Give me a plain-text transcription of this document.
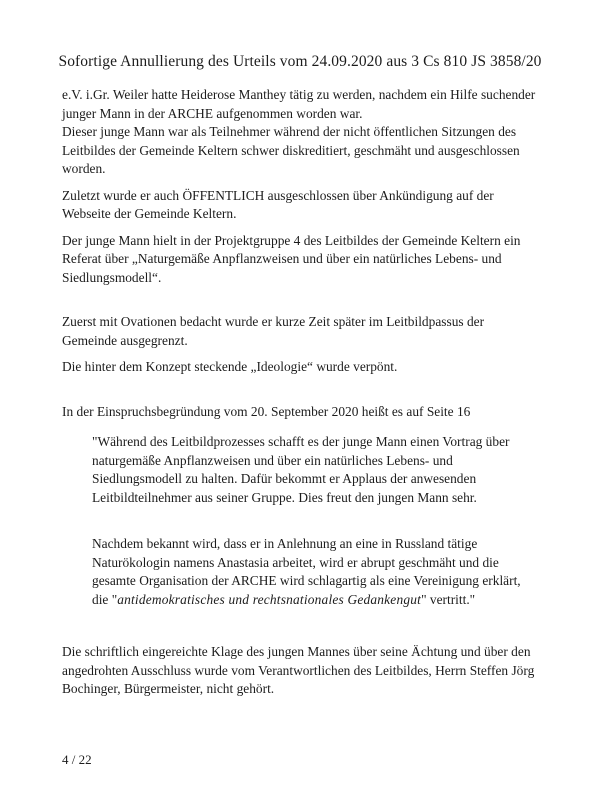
Sofortige Annullierung des Urteils vom 24.09.2020 aus 3 Cs 810 JS 3858/20

e.V. i.Gr. Weiler hatte Heiderose Manthey tätig zu werden, nachdem ein Hilfe suchender junger Mann in der ARCHE aufgenommen worden war.

Dieser junge Mann war als Teilnehmer während der nicht öffentlichen Sitzungen des Leitbildes der Gemeinde Keltern schwer diskreditiert, geschmäht und ausgeschlossen worden.

Zuletzt wurde er auch ÖFFENTLICH ausgeschlossen über Ankündigung auf der Webseite der Gemeinde Keltern.

Der junge Mann hielt in der Projektgruppe 4 des Leitbildes der Gemeinde Keltern ein Referat über „Naturgemäße Anpflanzweisen und über ein natürliches Lebens- und Siedlungsmodell“.

Zuerst mit Ovationen bedacht wurde er kurze Zeit später im Leitbildpassus der Gemeinde ausgegrenzt.

Die hinter dem Konzept steckende „Ideologie“ wurde verpönt.

In der Einspruchsbegründung vom 20. September 2020 heißt es auf Seite 16

"Während des Leitbildprozesses schafft es der junge Mann einen Vortrag über naturgemäße Anpflanzweisen und über ein natürliches Lebens- und Siedlungsmodell zu halten. Dafür bekommt er Applaus der anwesenden Leitbildteilnehmer aus seiner Gruppe. Dies freut den jungen Mann sehr.

Nachdem bekannt wird, dass er in Anlehnung an eine in Russland tätige Naturökologin namens Anastasia arbeitet, wird er abrupt geschmäht und die gesamte Organisation der ARCHE wird schlagartig als eine Vereinigung erklärt, die "antidemokratisches und rechtsnationales Gedankengut" vertritt."

Die schriftlich eingereichte Klage des jungen Mannes über seine Ächtung und über den angedrohten Ausschluss wurde vom Verantwortlichen des Leitbildes, Herrn Steffen Jörg Bochinger, Bürgermeister, nicht gehört.

4 / 22
